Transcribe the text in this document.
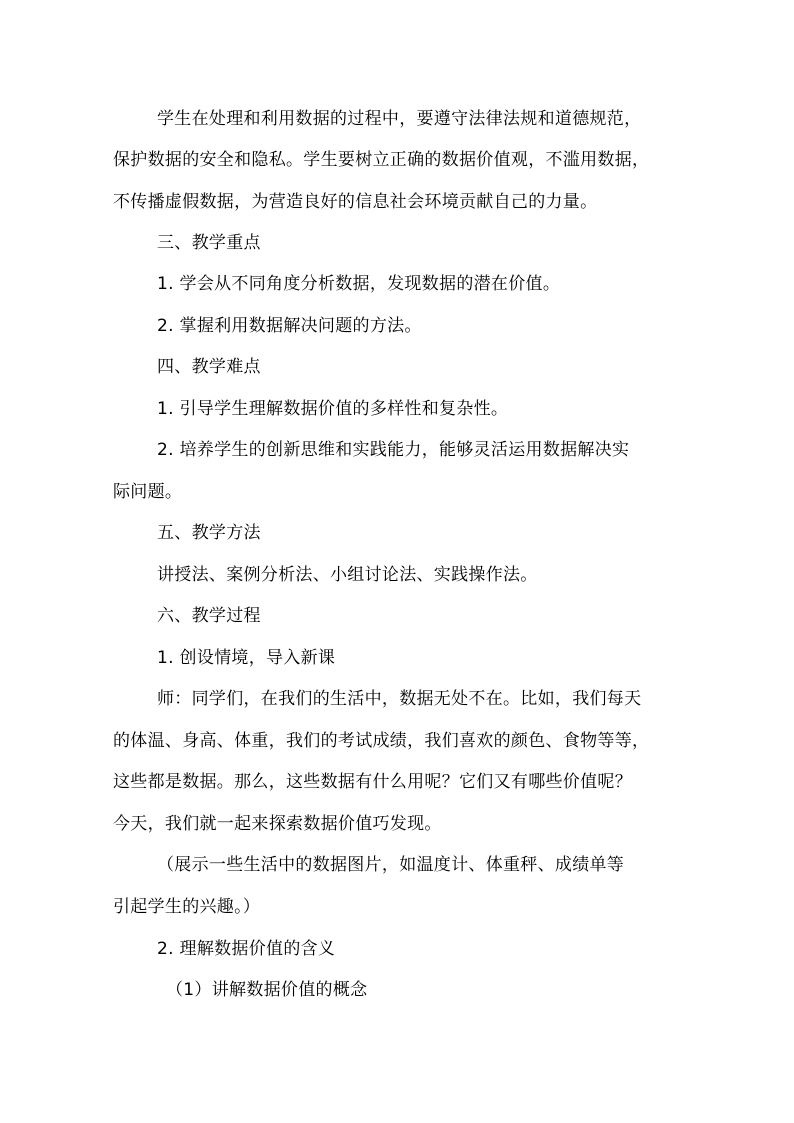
学生在处理和利用数据的过程中，要遵守法律法规和道德规范，
保护数据的安全和隐私。学生要树立正确的数据价值观，不滥用数据，
不传播虚假数据，为营造良好的信息社会环境贡献自己的力量。
三、教学重点
1. 学会从不同角度分析数据，发现数据的潜在价值。
2. 掌握利用数据解决问题的方法。
四、教学难点
1. 引导学生理解数据价值的多样性和复杂性。
2. 培养学生的创新思维和实践能力，能够灵活运用数据解决实
际问题。
五、教学方法
讲授法、案例分析法、小组讨论法、实践操作法。
六、教学过程
1. 创设情境，导入新课
师：同学们，在我们的生活中，数据无处不在。比如，我们每天
的体温、身高、体重，我们的考试成绩，我们喜欢的颜色、食物等等，
这些都是数据。那么，这些数据有什么用呢？它们又有哪些价值呢？
今天，我们就一起来探索数据价值巧发现。
（展示一些生活中的数据图片，如温度计、体重秤、成绩单等
引起学生的兴趣。）
2. 理解数据价值的含义
（1）讲解数据价值的概念
